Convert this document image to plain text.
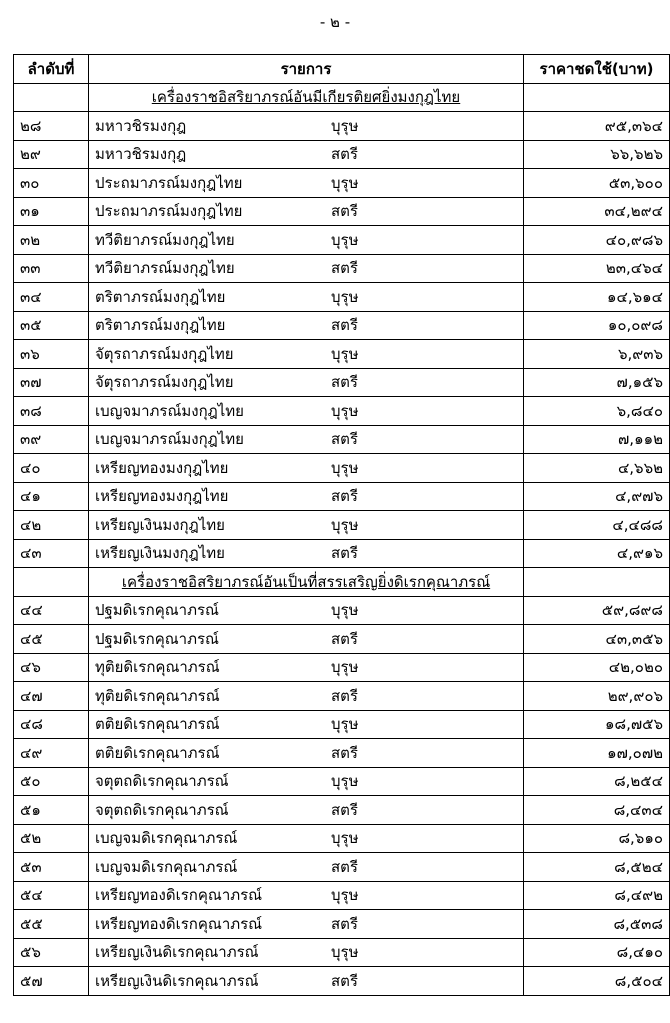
- ๒ -
ลำดับที่	รายการ	ราคาชดใช้(บาท)
	เครื่องราชอิสริยาภรณ์อันมีเกียรติยศยิ่งมงกุฎไทย	
๒๘	มหาวชิรมงกุฎ บุรุษ	๙๕,๓๖๔
๒๙	มหาวชิรมงกุฎ สตรี	๖๖,๖๒๖
๓๐	ประถมาภรณ์มงกุฎไทย บุรุษ	๕๓,๖๐๐
๓๑	ประถมาภรณ์มงกุฎไทย สตรี	๓๔,๒๙๔
๓๒	ทวีติยาภรณ์มงกุฎไทย บุรุษ	๔๐,๙๘๖
๓๓	ทวีติยาภรณ์มงกุฎไทย สตรี	๒๓,๔๖๔
๓๔	ตริตาภรณ์มงกุฎไทย บุรุษ	๑๔,๖๑๔
๓๕	ตริตาภรณ์มงกุฎไทย สตรี	๑๐,๐๙๘
๓๖	จัตุรถาภรณ์มงกุฎไทย บุรุษ	๖,๙๓๖
๓๗	จัตุรถาภรณ์มงกุฎไทย สตรี	๗,๑๕๖
๓๘	เบญจมาภรณ์มงกุฎไทย บุรุษ	๖,๘๔๐
๓๙	เบญจมาภรณ์มงกุฎไทย สตรี	๗,๑๑๒
๔๐	เหรียญทองมงกุฎไทย บุรุษ	๔,๖๖๒
๔๑	เหรียญทองมงกุฎไทย สตรี	๔,๙๗๖
๔๒	เหรียญเงินมงกุฎไทย บุรุษ	๔,๔๘๘
๔๓	เหรียญเงินมงกุฎไทย สตรี	๔,๙๑๖
	เครื่องราชอิสริยาภรณ์อันเป็นที่สรรเสริญยิ่งดิเรกคุณาภรณ์	
๔๔	ปฐมดิเรกคุณาภรณ์ บุรุษ	๕๙,๘๙๘
๔๕	ปฐมดิเรกคุณาภรณ์ สตรี	๔๓,๓๕๖
๔๖	ทุติยดิเรกคุณาภรณ์ บุรุษ	๔๒,๐๒๐
๔๗	ทุติยดิเรกคุณาภรณ์ สตรี	๒๙,๙๐๖
๔๘	ตติยดิเรกคุณาภรณ์ บุรุษ	๑๘,๗๕๖
๔๙	ตติยดิเรกคุณาภรณ์ สตรี	๑๗,๐๗๒
๕๐	จตุตถดิเรกคุณาภรณ์ บุรุษ	๘,๒๕๔
๕๑	จตุตถดิเรกคุณาภรณ์ สตรี	๘,๔๓๔
๕๒	เบญจมดิเรกคุณาภรณ์ บุรุษ	๘,๖๑๐
๕๓	เบญจมดิเรกคุณาภรณ์ สตรี	๘,๕๒๔
๕๔	เหรียญทองดิเรกคุณาภรณ์ บุรุษ	๘,๔๙๒
๕๕	เหรียญทองดิเรกคุณาภรณ์ สตรี	๘,๕๓๘
๕๖	เหรียญเงินดิเรกคุณาภรณ์ บุรุษ	๘,๔๑๐
๕๗	เหรียญเงินดิเรกคุณาภรณ์ สตรี	๘,๕๐๔
